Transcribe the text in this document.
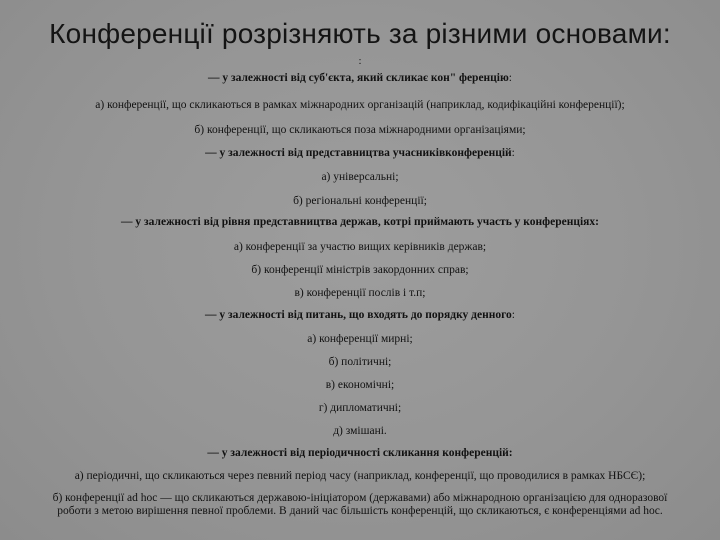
Конференції розрізняють за різними основами:
:
— у залежності від суб'єкта, який скликає кон" ференцію:
а) конференції, що скликаються в рамках міжнародних організацій (наприклад, кодифікаційні конференції);
б) конференції, що скликаються поза міжнародними організаціями;
— у залежності від представництва учасниківконференцій:
а) універсальні;
б) регіональні конференції;
— у залежності від рівня представництва держав, котрі приймають участь у конференціях:
а) конференції за участю вищих керівників держав;
б) конференції міністрів закордонних справ;
в) конференції послів і т.п;
— у залежності від питань, що входять до порядку денного:
а) конференції мирні;
б) політичні;
в) економічні;
г) дипломатичні;
д) змішані.
— у залежності від періодичності скликання конференцій:
а) періодичні, що скликаються через певний період часу (наприклад, конференції, що проводилися в рамках НБСЄ);
б) конференції ad hoc — що скликаються державою-ініціатором (державами) або міжнародною організацією для одноразової роботи з метою вирішення певної проблеми. В даний час більшість конференцій, що скликаються, є конференціями ad hoc.
